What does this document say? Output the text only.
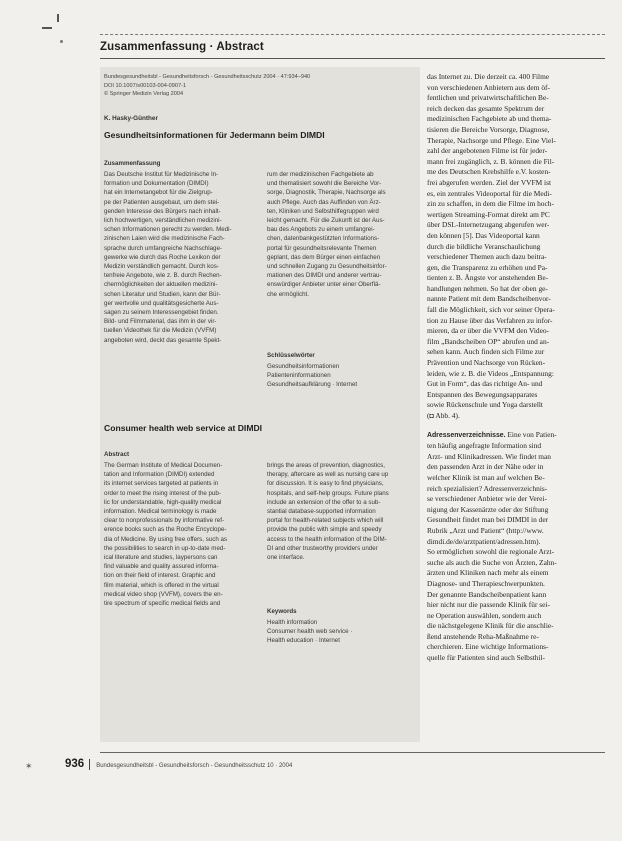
✶
Zusammenfassung · Abstract
Bundesgesundheitsbl - Gesundheitsforsch - Gesundheitsschutz 2004 · 47:934–940
DOI 10.1007/s00103-004-0907-1
© Springer Medizin Verlag 2004
K. Hasky-Günther
Gesundheitsinformationen für Jedermann beim DIMDI
Zusammenfassung
Das Deutsche Institut für Medizinische In-
formation und Dokumentation (DIMDI)
hat ein Internetangebot für die Zielgrup-
pe der Patienten ausgebaut, um dem stei-
genden Interesse des Bürgers nach inhalt-
lich hochwertigen, verständlichen medizini-
schen Informationen gerecht zu werden. Medi-
zinischen Laien wird die medizinische Fach-
sprache durch umfangreiche Nachschlage-
gewerke wie durch das Roche Lexikon der
Medizin verständlich gemacht. Durch kos-
tenfreie Angebote, wie z. B. durch Rechen-
chermöglichkeiten der aktuellen medizini-
schen Literatur und Studien, kann der Bür-
ger wertvolle und qualitätsgesicherte Aus-
sagen zu seinem Interessengebiet finden.
Bild- und Filmmaterial, das ihm in der vir-
tuellen Videothek für die Medizin (VVFM)
angeboten wird, deckt das gesamte Spekt-
rum der medizinischen Fachgebiete ab
und thematisiert sowohl die Bereiche Vor-
sorge, Diagnostik, Therapie, Nachsorge als
auch Pflege. Auch das Auffinden von Ärz-
ten, Kliniken und Selbsthilfegruppen wird
leicht gemacht. Für die Zukunft ist der Aus-
bau des Angebots zu einem umfangrei-
chen, datenbankgestützten Informations-
portal für gesundheitsrelevante Themen
geplant, das dem Bürger einen einfachen
und schnellen Zugang zu Gesundheitsinfor-
mationen des DIMDI und anderer vertrau-
enswürdiger Anbieter unter einer Oberflä-
che ermöglicht.
Schlüsselwörter
Gesundheitsinformationen
Patienteninformationen
Gesundheitsaufklärung · Internet
Consumer health web service at DIMDI
Abstract
The German Institute of Medical Documen-
tation and Information (DIMDI) extended
its internet services targeted at patients in
order to meet the rising interest of the pub-
lic for understandable, high-quality medical
information. Medical terminology is made
clear to nonprofessionals by informative ref-
erence books such as the Roche Encyclope-
dia of Medicine. By using free offers, such as
the possibilities to search in up-to-date med-
ical literature and studies, laypersons can
find valuable and quality assured informa-
tion on their field of interest. Graphic and
film material, which is offered in the virtual
medical video shop (VVFM), covers the en-
tire spectrum of specific medical fields and
brings the areas of prevention, diagnostics,
therapy, aftercare as well as nursing care up
for discussion. It is easy to find physicians,
hospitals, and self-help groups. Future plans
include an extension of the offer to a sub-
stantial database-supported information
portal for health-related subjects which will
provide the public with simple and speedy
access to the health information of the DIM-
DI and other trustworthy providers under
one interface.
Keywords
Health information
Consumer health web service ·
Health education · Internet
das Internet zu. Die derzeit ca. 400 Filme
von verschiedenen Anbietern aus dem öf-
fentlichen und privatwirtschaftlichen Be-
reich decken das gesamte Spektrum der
medizinischen Fachgebiete ab und thema-
tisieren die Bereiche Vorsorge, Diagnose,
Therapie, Nachsorge und Pflege. Eine Viel-
zahl der angebotenen Filme ist für jeder-
mann frei zugänglich, z. B. können die Fil-
me des Deutschen Krebshilfe e.V. kosten-
frei abgerufen werden. Ziel der VVFM ist
es, ein zentrales Videoportal für die Medi-
zin zu schaffen, in dem die Filme im hoch-
wertigen Streaming-Format direkt am PC
über DSL-Internetzugang abgerufen wer-
den können [5]. Das Videoportal kann
durch die bildliche Veranschaulichung
verschiedener Themen auch dazu beitra-
gen, die Transparenz zu erhöhen und Pa-
tienten z. B. Ängste vor anstehenden Be-
handlungen nehmen. So hat der oben ge-
nannte Patient mit dem Bandscheibenvor-
fall die Möglichkeit, sich vor seiner Opera-
tion zu Hause über das Verfahren zu infor-
mieren, da er über die VVFM den Video-
film „Bandscheiben OP“ abrufen und an-
sehen kann. Auch finden sich Filme zur
Prävention und Nachsorge von Rücken-
leiden, wie z. B. die Videos „Entspannung:
Gut in Form“, das das richtige An- und
Entspannen des Bewegungsapparates
sowie Rückenschule und Yoga darstellt
(◘ Abb. 4).
Adressenverzeichnisse. Eine von Patien-
ten häufig angefragte Information sind
Arzt- und Klinikadressen. Wie findet man
den passenden Arzt in der Nähe oder in
welcher Klinik ist man auf welchen Be-
reich spezialisiert? Adressenverzeichnis-
se verschiedener Anbieter wie der Verei-
nigung der Kassenärzte oder der Stiftung
Gesundheit findet man bei DIMDI in der
Rubrik „Arzt und Patient“ (http://www.
dimdi.de/de/arztpatient/adressen.htm).
So ermöglichen sowohl die regionale Arzt-
suche als auch die Suche von Ärzten, Zahn-
ärzten und Kliniken nach mehr als einem
Diagnose- und Therapieschwerpunkten.
Der genannte Bandscheibenpatient kann
hier nicht nur die passende Klinik für sei-
ne Operation auswählen, sondern auch
die nächstgelegene Klinik für die anschlie-
ßend anstehende Reha-Maßnahme re-
cherchieren. Eine wichtige Informations-
quelle für Patienten sind auch Selbsthil-
936 Bundesgesundheitsbl - Gesundheitsforsch - Gesundheitsschutz 10 · 2004
